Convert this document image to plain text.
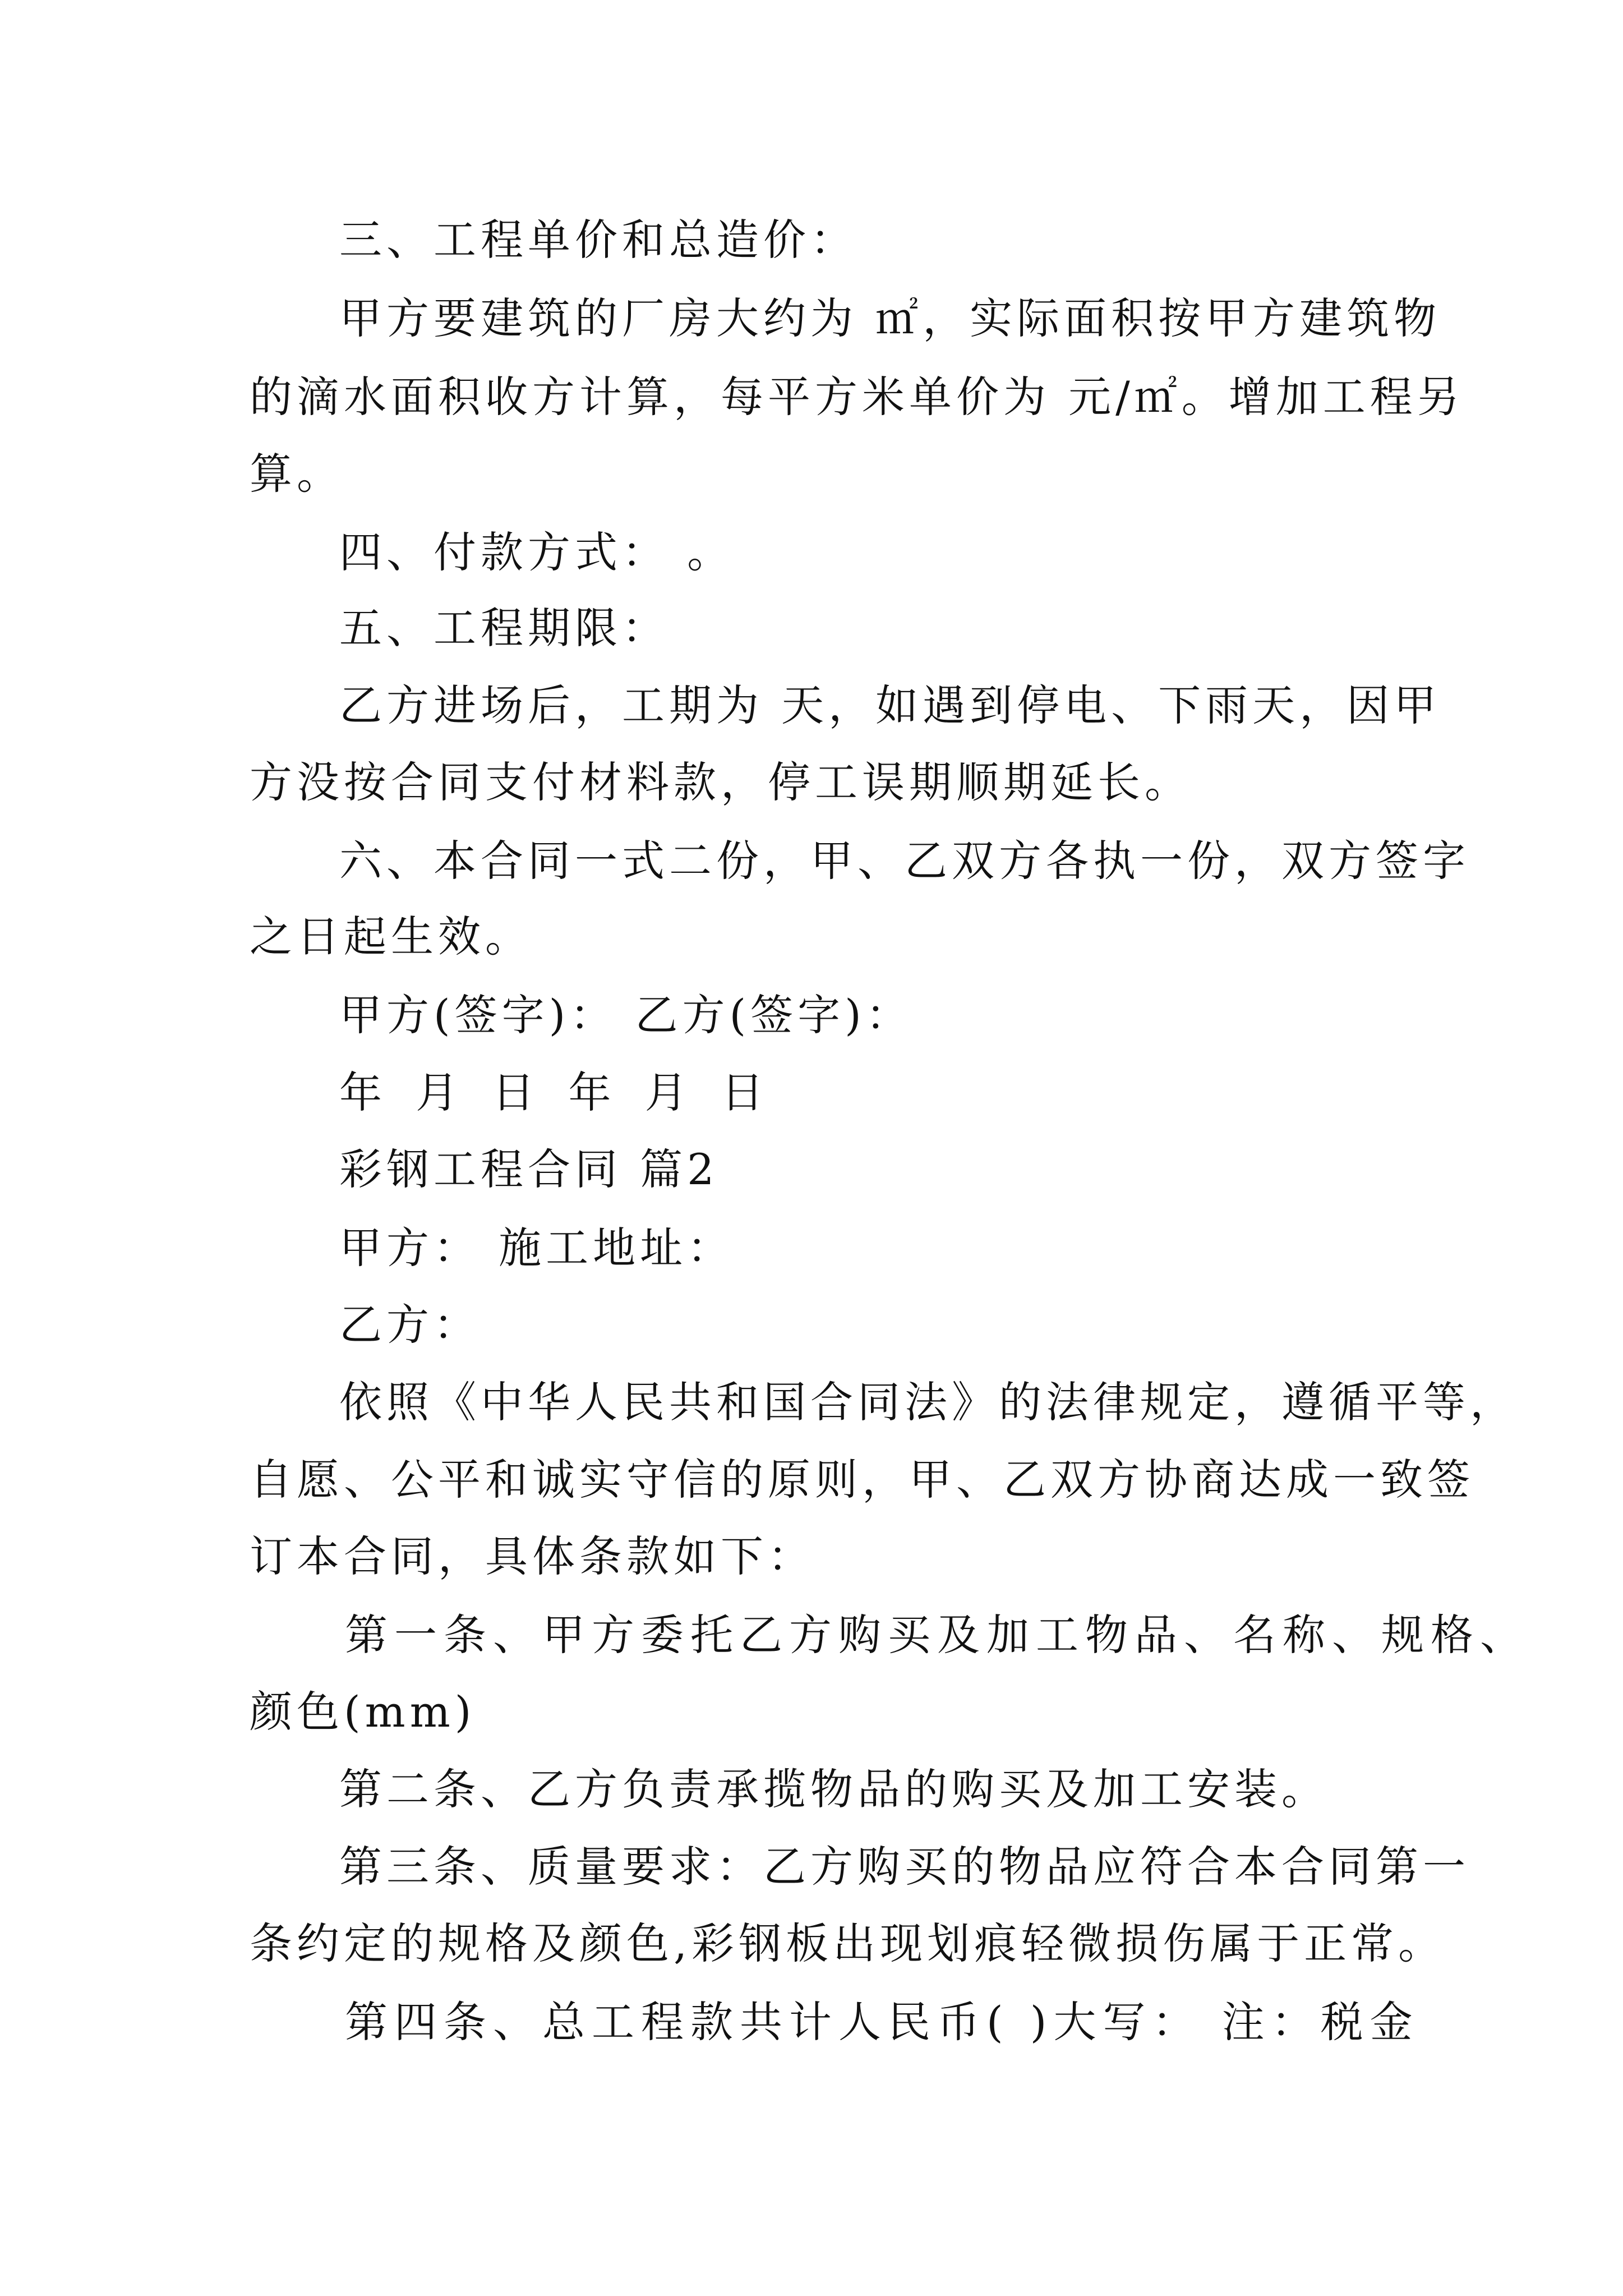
三、工程单价和总造价：
甲方要建筑的厂房大约为 ㎡，实际面积按甲方建筑物
的滴水面积收方计算，每平方米单价为 元/㎡。增加工程另
算。
四、付款方式： 。
五、工程期限：
乙方进场后，工期为 天，如遇到停电、下雨天，因甲
方没按合同支付材料款，停工误期顺期延长。
六、本合同一式二份，甲、乙双方各执一份，双方签字
之日起生效。
甲方(签字)： 乙方(签字)：
年 月 日 年 月 日
彩钢工程合同 篇2
甲方： 施工地址：
乙方：
依照《中华人民共和国合同法》的法律规定，遵循平等，
自愿、公平和诚实守信的原则，甲、乙双方协商达成一致签
订本合同，具体条款如下：
第一条、甲方委托乙方购买及加工物品、名称、规格、
颜色(mm)
第二条、乙方负责承揽物品的购买及加工安装。
第三条、质量要求：乙方购买的物品应符合本合同第一
条约定的规格及颜色,彩钢板出现划痕轻微损伤属于正常。
第四条、总工程款共计人民币( )大写： 注：税金
